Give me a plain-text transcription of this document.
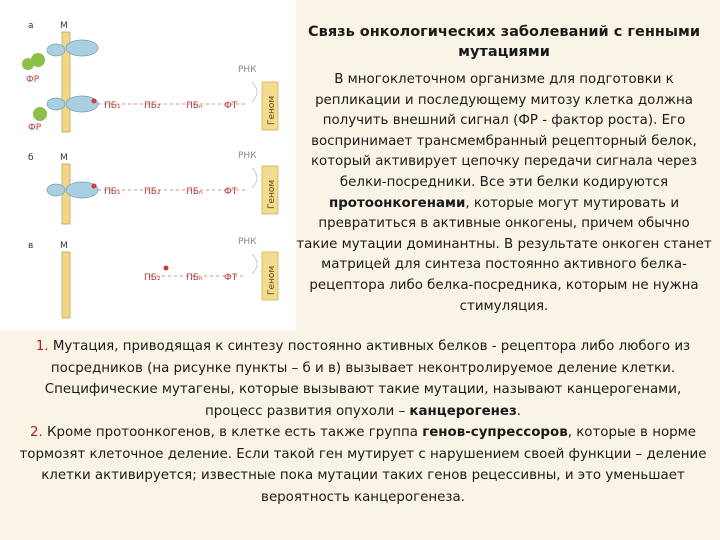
а	М
ФР
ФР
ПБ₁	ПБ₂	ПБₙ ФТ
РНК
Геном
б	М
ПБ₁	ПБ₂	ПБₙ ФТ
РНК
Геном
в	М
ПБ₂	ПБₙ ФТ
РНК
Геном
Связь онкологических заболеваний с генными мутациями
В многоклеточном организме для подготовки к репликации и последующему митозу клетка должна получить внешний сигнал (ФР - фактор роста). Его воспринимает трансмембранный рецепторный белок, который активирует цепочку передачи сигнала через белки-посредники. Все эти белки кодируются протоонкогенами, которые могут мутировать и превратиться в активные онкогены, причем обычно такие мутации доминантны. В результате онкоген станет матрицей для синтеза постоянно активного белка-рецептора либо белка-посредника, которым не нужна стимуляция.
1. Мутация, приводящая к синтезу постоянно активных белков - рецептора либо любого из посредников (на рисунке пункты – б и в) вызывает неконтролируемое деление клетки. Специфические мутагены, которые вызывают такие мутации, называют канцерогенами, процесс развития опухоли – канцерогенез.
2. Кроме протоонкогенов, в клетке есть также группа генов-супрессоров, которые в норме тормозят клеточное деление. Если такой ген мутирует с нарушением своей функции – деление клетки активируется; известные пока мутации таких генов рецессивны, и это уменьшает вероятность канцерогенеза.
